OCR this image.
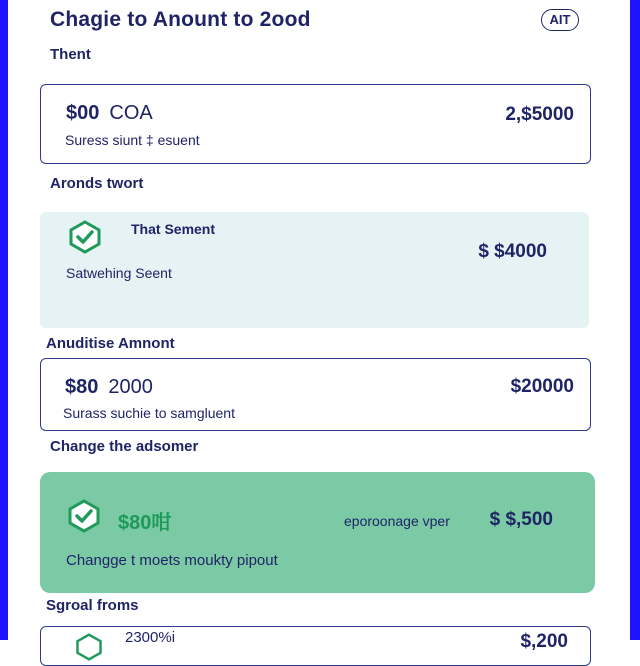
Chagie to Anount to 2ood	AIT
Thent
$00 COA
Suress siunt ‡ esuent
2,$5000
Aronds twort
That Sement
Satwehing Seent
$ $4000
Anuditise Amnont
$80 2000
Surass suchie to samgluent
$20000
Change the adsomer
$80咁	eporoonage vper $ $,500
Changge t moets moukty pipout
Sgroal froms
2300%i	$,200
